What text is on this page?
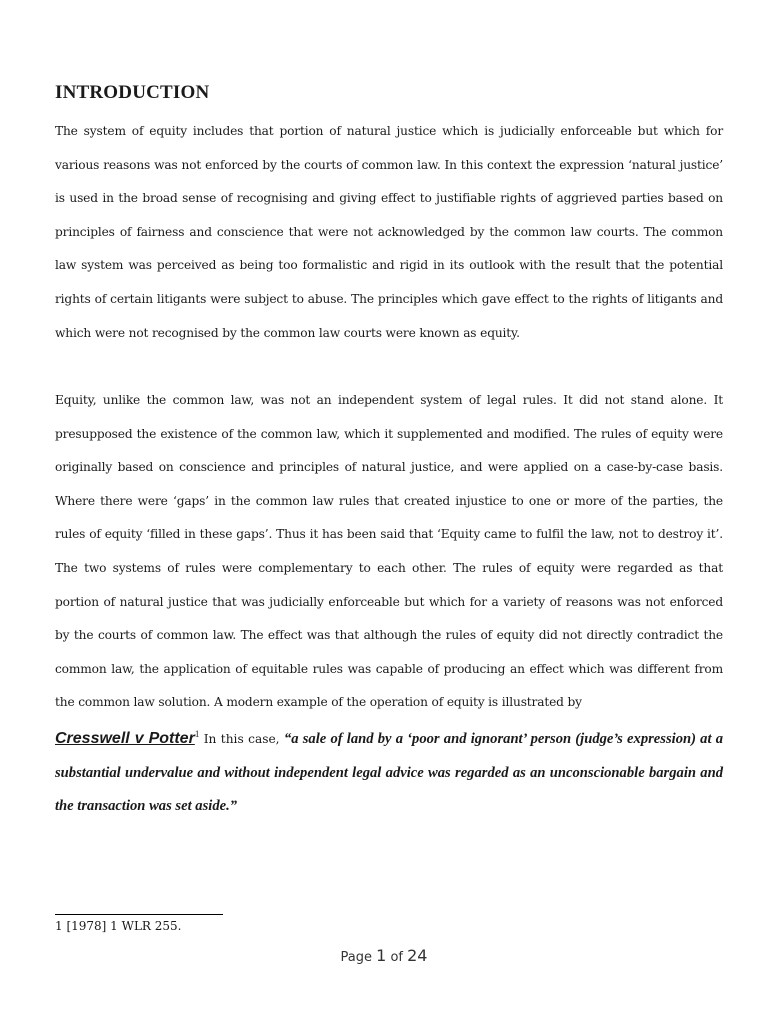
INTRODUCTION

The system of equity includes that portion of natural justice which is judicially enforceable but which for various reasons was not enforced by the courts of common law. In this context the expression ‘natural justice’ is used in the broad sense of recognising and giving effect to justifiable rights of aggrieved parties based on principles of fairness and conscience that were not acknowledged by the common law courts. The common law system was perceived as being too formalistic and rigid in its outlook with the result that the potential rights of certain litigants were subject to abuse. The principles which gave effect to the rights of litigants and which were not recognised by the common law courts were known as equity.

Equity, unlike the common law, was not an independent system of legal rules. It did not stand alone. It presupposed the existence of the common law, which it supplemented and modified. The rules of equity were originally based on conscience and principles of natural justice, and were applied on a case-by-case basis. Where there were ‘gaps’ in the common law rules that created injustice to one or more of the parties, the rules of equity ‘filled in these gaps’. Thus it has been said that ‘Equity came to fulfil the law, not to destroy it’. The two systems of rules were complementary to each other. The rules of equity were regarded as that portion of natural justice that was judicially enforceable but which for a variety of reasons was not enforced by the courts of common law. The effect was that although the rules of equity did not directly contradict the common law, the application of equitable rules was capable of producing an effect which was different from the common law solution. A modern example of the operation of equity is illustrated by

Cresswell v Potter$^1$ In this case, “a sale of land by a ‘poor and ignorant’ person (judge’s expression) at a substantial undervalue and without independent legal advice was regarded as an unconscionable bargain and the transaction was set aside.”

1 [1978] 1 WLR 255.

Page 1 of 24
